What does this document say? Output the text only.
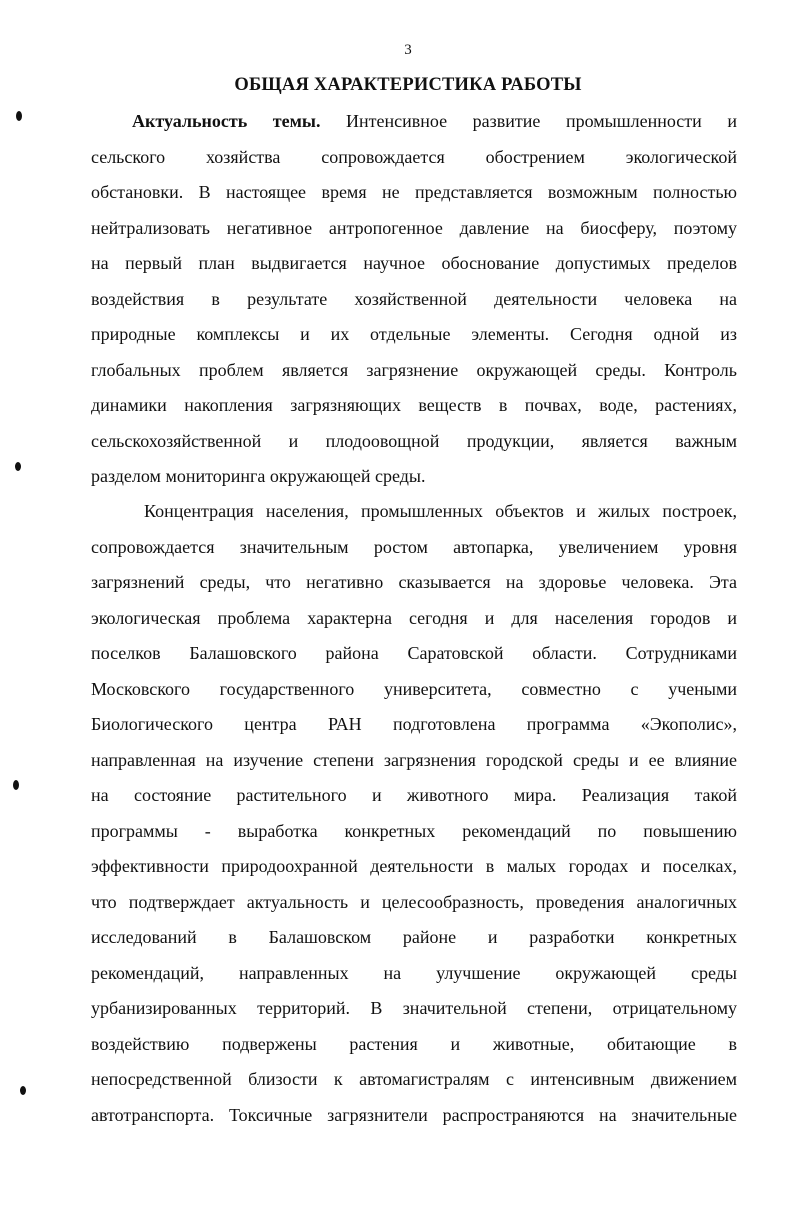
3
ОБЩАЯ ХАРАКТЕРИСТИКА РАБОТЫ
Актуальность темы. Интенсивное развитие промышленности и
сельского хозяйства сопровождается обострением экологической
обстановки. В настоящее время не представляется возможным полностью
нейтрализовать негативное антропогенное давление на биосферу, поэтому
на первый план выдвигается научное обоснование допустимых пределов
воздействия в результате хозяйственной деятельности человека на
природные комплексы и их отдельные элементы. Сегодня одной из
глобальных проблем является загрязнение окружающей среды. Контроль
динамики накопления загрязняющих веществ в почвах, воде, растениях,
сельскохозяйственной и плодоовощной продукции, является важным
разделом мониторинга окружающей среды.
Концентрация населения, промышленных объектов и жилых построек,
сопровождается значительным ростом автопарка, увеличением уровня
загрязнений среды, что негативно сказывается на здоровье человека. Эта
экологическая проблема характерна сегодня и для населения городов и
поселков Балашовского района Саратовской области. Сотрудниками
Московского государственного университета, совместно с учеными
Биологического центра РАН подготовлена программа «Экополис»,
направленная на изучение степени загрязнения городской среды и ее влияние
на состояние растительного и животного мира. Реализация такой
программы - выработка конкретных рекомендаций по повышению
эффективности природоохранной деятельности в малых городах и поселках,
что подтверждает актуальность и целесообразность, проведения аналогичных
исследований в Балашовском районе и разработки конкретных
рекомендаций, направленных на улучшение окружающей среды
урбанизированных территорий. В значительной степени, отрицательному
воздействию подвержены растения и животные, обитающие в
непосредственной близости к автомагистралям с интенсивным движением
автотранспорта. Токсичные загрязнители распространяются на значительные
